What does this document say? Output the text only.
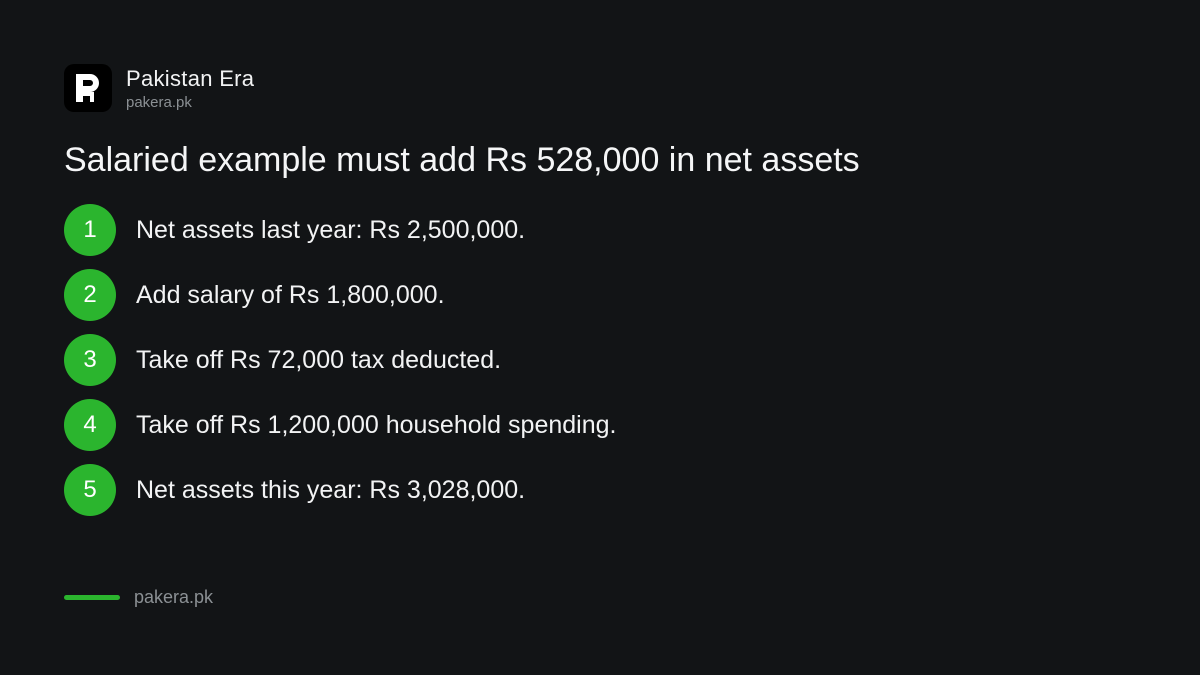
Pakistan Era
pakera.pk
Salaried example must add Rs 528,000 in net assets
1	Net assets last year: Rs 2,500,000.
2	Add salary of Rs 1,800,000.
3	Take off Rs 72,000 tax deducted.
4	Take off Rs 1,200,000 household spending.
5	Net assets this year: Rs 3,028,000.
pakera.pk
